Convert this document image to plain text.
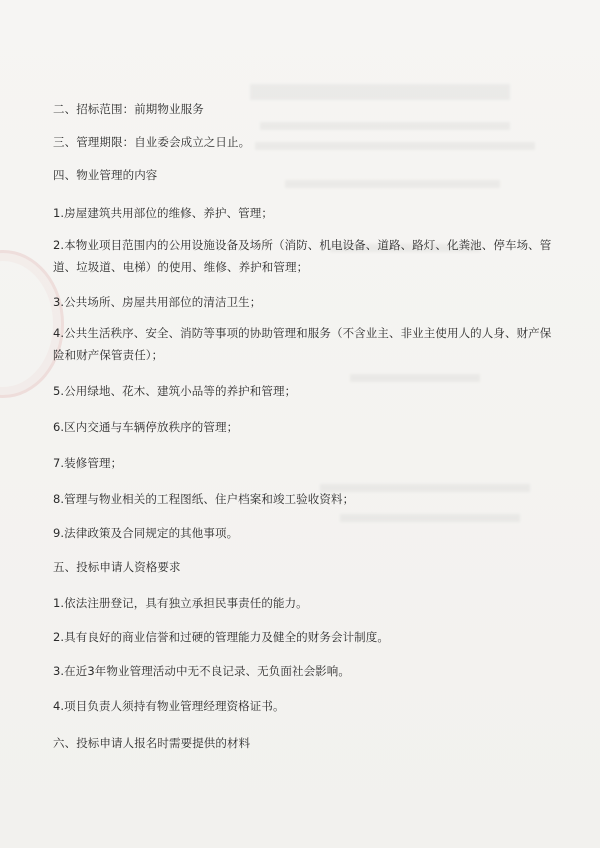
二、招标范围：前期物业服务
三、管理期限：自业委会成立之日止。
四、物业管理的内容
1.房屋建筑共用部位的维修、养护、管理；
2.本物业项目范围内的公用设施设备及场所（消防、机电设备、道路、路灯、化粪池、停车场、管道、垃圾道、电梯）的使用、维修、养护和管理；
3.公共场所、房屋共用部位的清洁卫生；
4.公共生活秩序、安全、消防等事项的协助管理和服务（不含业主、非业主使用人的人身、财产保险和财产保管责任）；
5.公用绿地、花木、建筑小品等的养护和管理；
6.区内交通与车辆停放秩序的管理；
7.装修管理；
8.管理与物业相关的工程图纸、住户档案和竣工验收资料；
9.法律政策及合同规定的其他事项。
五、投标申请人资格要求
1.依法注册登记，具有独立承担民事责任的能力。
2.具有良好的商业信誉和过硬的管理能力及健全的财务会计制度。
3.在近3年物业管理活动中无不良记录、无负面社会影响。
4.项目负责人须持有物业管理经理资格证书。
六、投标申请人报名时需要提供的材料
